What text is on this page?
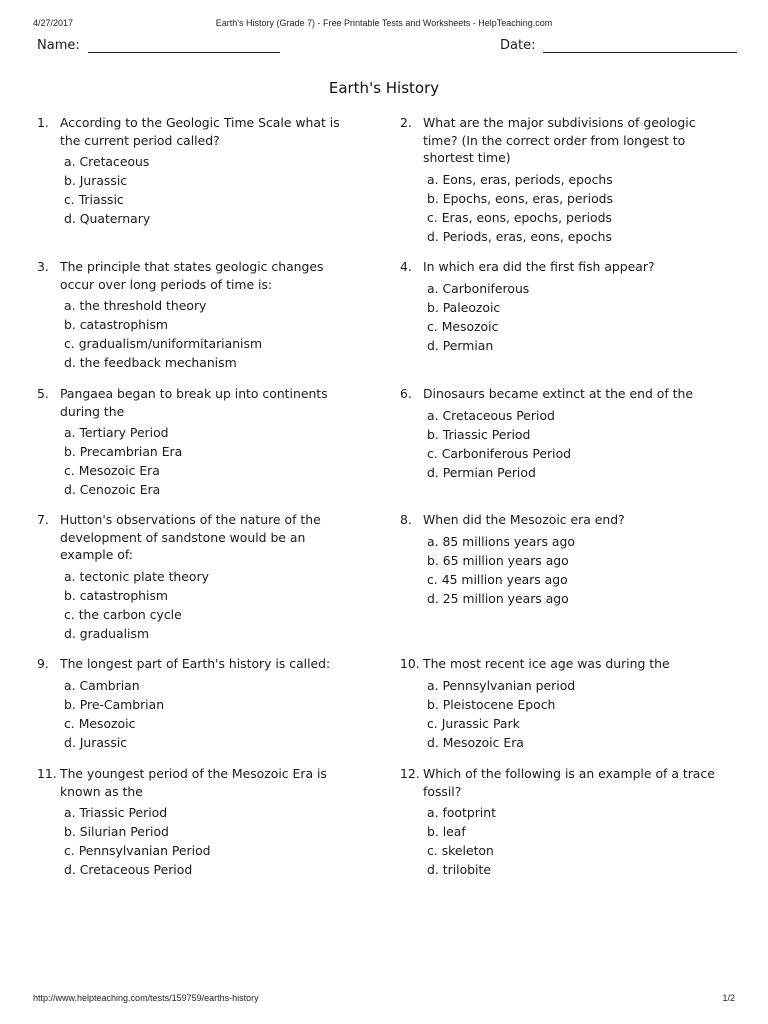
4/27/2017	Earth's History (Grade 7) - Free Printable Tests and Worksheets - HelpTeaching.com
Name:	Date:
Earth's History
1. According to the Geologic Time Scale what is the current period called?
a. Cretaceous
b. Jurassic
c. Triassic
d. Quaternary
2. What are the major subdivisions of geologic time? (In the correct order from longest to shortest time)
a. Eons, eras, periods, epochs
b. Epochs, eons, eras, periods
c. Eras, eons, epochs, periods
d. Periods, eras, eons, epochs
3. The principle that states geologic changes occur over long periods of time is:
a. the threshold theory
b. catastrophism
c. gradualism/uniformitarianism
d. the feedback mechanism
4. In which era did the first fish appear?
a. Carboniferous
b. Paleozoic
c. Mesozoic
d. Permian
5. Pangaea began to break up into continents during the
a. Tertiary Period
b. Precambrian Era
c. Mesozoic Era
d. Cenozoic Era
6. Dinosaurs became extinct at the end of the
a. Cretaceous Period
b. Triassic Period
c. Carboniferous Period
d. Permian Period
7. Hutton's observations of the nature of the development of sandstone would be an example of:
a. tectonic plate theory
b. catastrophism
c. the carbon cycle
d. gradualism
8. When did the Mesozoic era end?
a. 85 millions years ago
b. 65 million years ago
c. 45 million years ago
d. 25 million years ago
9. The longest part of Earth's history is called:
a. Cambrian
b. Pre-Cambrian
c. Mesozoic
d. Jurassic
10. The most recent ice age was during the
a. Pennsylvanian period
b. Pleistocene Epoch
c. Jurassic Park
d. Mesozoic Era
11. The youngest period of the Mesozoic Era is known as the
a. Triassic Period
b. Silurian Period
c. Pennsylvanian Period
d. Cretaceous Period
12. Which of the following is an example of a trace fossil?
a. footprint
b. leaf
c. skeleton
d. trilobite
http://www.helpteaching.com/tests/159759/earths-history	1/2
